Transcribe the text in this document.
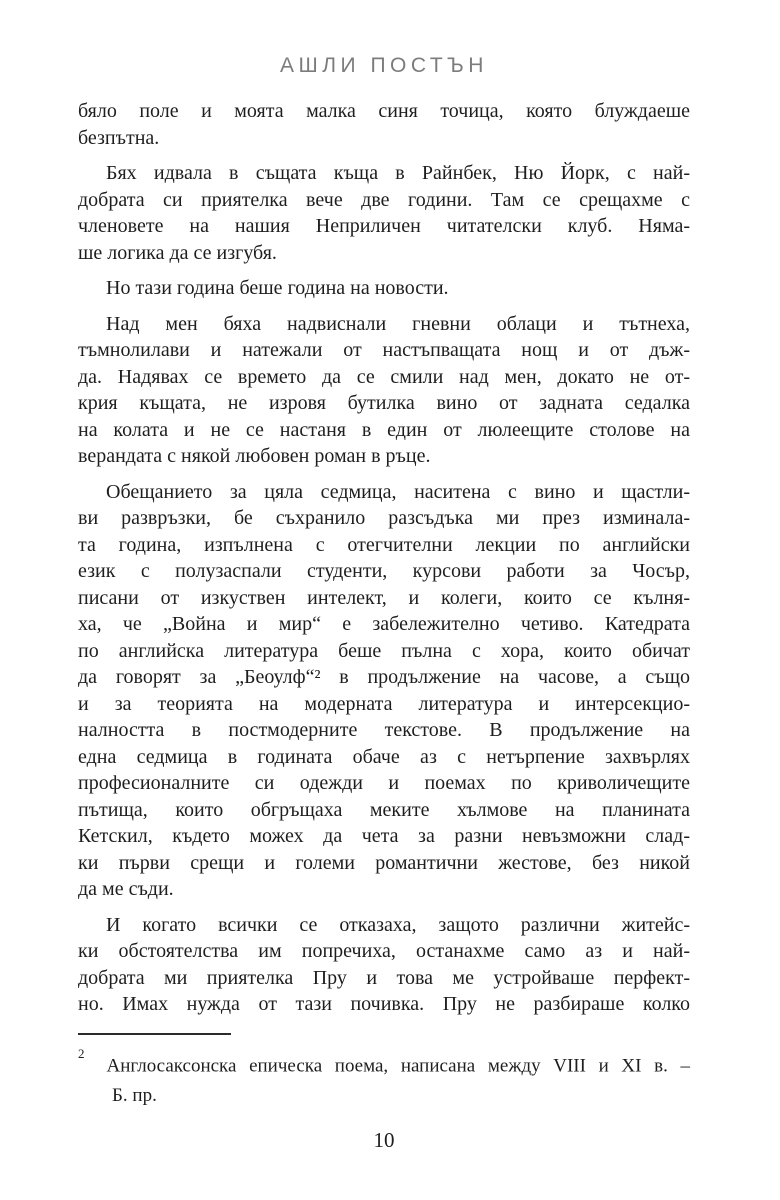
АШЛИ ПОСТЪН

бяло поле и моята малка синя точица, която блуждаеше
безпътна.

Бях идвала в същата къща в Райнбек, Ню Йорк, с най-
добрата си приятелка вече две години. Там се срещахме с
членовете на нашия Неприличен читателски клуб. Няма-
ше логика да се изгубя.

Но тази година беше година на новости.

Над мен бяха надвиснали гневни облаци и тътнеха,
тъмнолилави и натежали от настъпващата нощ и от дъж-
да. Надявах се времето да се смили над мен, докато не от-
крия къщата, не изровя бутилка вино от задната седалка
на колата и не се настаня в един от люлеещите столове на
верандата с някой любовен роман в ръце.

Обещанието за цяла седмица, наситена с вино и щастли-
ви развръзки, бе съхранило разсъдъка ми през изминала-
та година, изпълнена с отегчителни лекции по английски
език с полузаспали студенти, курсови работи за Чосър,
писани от изкуствен интелект, и колеги, които се кълня-
ха, че „Война и мир“ е забележително четиво. Катедрата
по английска литература беше пълна с хора, които обичат
да говорят за „Беоулф“² в продължение на часове, а също
и за теорията на модерната литература и интерсекцио-
налността в постмодерните текстове. В продължение на
една седмица в годината обаче аз с нетърпение захвърлях
професионалните си одежди и поемах по криволичещите
пътища, които обгръщаха меките хълмове на планината
Кетскил, където можех да чета за разни невъзможни слад-
ки първи срещи и големи романтични жестове, без никой
да ме съди.

И когато всички се отказаха, защото различни житейс-
ки обстоятелства им попречиха, останахме само аз и най-
добрата ми приятелка Пру и това ме устройваше перфект-
но. Имах нужда от тази почивка. Пру не разбираше колко

$^2$Англосаксонска епическа поема, написана между VIII и XI в. –
Б. пр.
10
